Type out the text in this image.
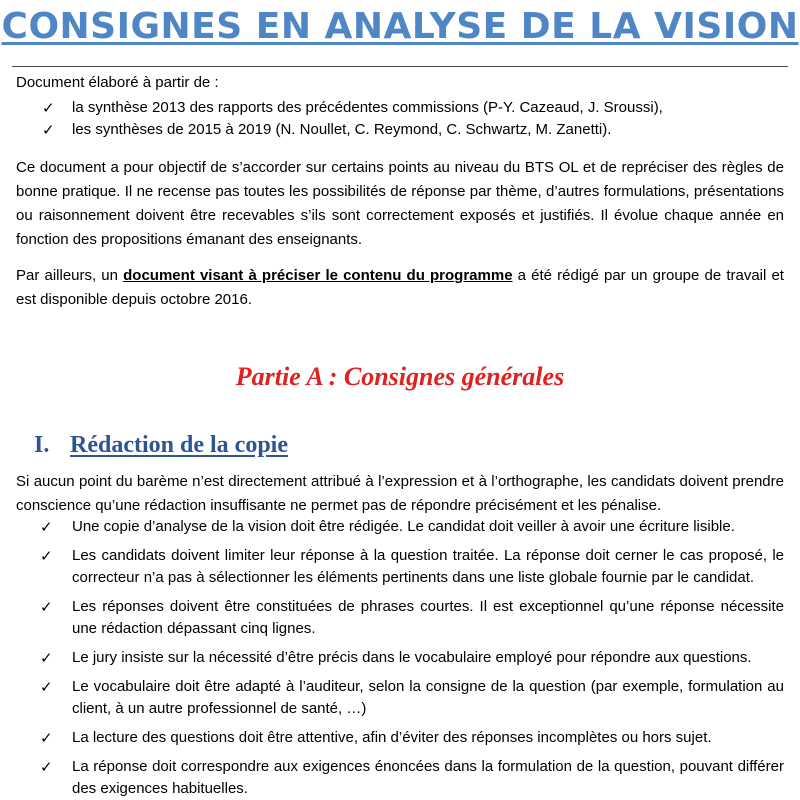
CONSIGNES EN ANALYSE DE LA VISION
Document élaboré à partir de :
✓ la synthèse 2013 des rapports des précédentes commissions (P-Y. Cazeaud, J. Sroussi),
✓ les synthèses de 2015 à 2019 (N. Noullet, C. Reymond, C. Schwartz, M. Zanetti).

Ce document a pour objectif de s’accorder sur certains points au niveau du BTS OL et de repréciser des règles de bonne pratique. Il ne recense pas toutes les possibilités de réponse par thème, d’autres formulations, présentations ou raisonnement doivent être recevables s’ils sont correctement exposés et justifiés. Il évolue chaque année en fonction des propositions émanant des enseignants.

Par ailleurs, un document visant à préciser le contenu du programme a été rédigé par un groupe de travail et est disponible depuis octobre 2016.

Partie A : Consignes générales
I. Rédaction de la copie

Si aucun point du barème n’est directement attribué à l’expression et à l’orthographe, les candidats doivent prendre conscience qu’une rédaction insuffisante ne permet pas de répondre précisément et les pénalise.

✓ Une copie d’analyse de la vision doit être rédigée. Le candidat doit veiller à avoir une écriture lisible.
✓ Les candidats doivent limiter leur réponse à la question traitée. La réponse doit cerner le cas proposé, le correcteur n’a pas à sélectionner les éléments pertinents dans une liste globale fournie par le candidat.
✓ Les réponses doivent être constituées de phrases courtes. Il est exceptionnel qu’une réponse nécessite une rédaction dépassant cinq lignes.
✓ Le jury insiste sur la nécessité d’être précis dans le vocabulaire employé pour répondre aux questions.
✓ Le vocabulaire doit être adapté à l’auditeur, selon la consigne de la question (par exemple, formulation au client, à un autre professionnel de santé, …)
✓ La lecture des questions doit être attentive, afin d’éviter des réponses incomplètes ou hors sujet.
✓ La réponse doit correspondre aux exigences énoncées dans la formulation de la question, pouvant différer des exigences habituelles.
